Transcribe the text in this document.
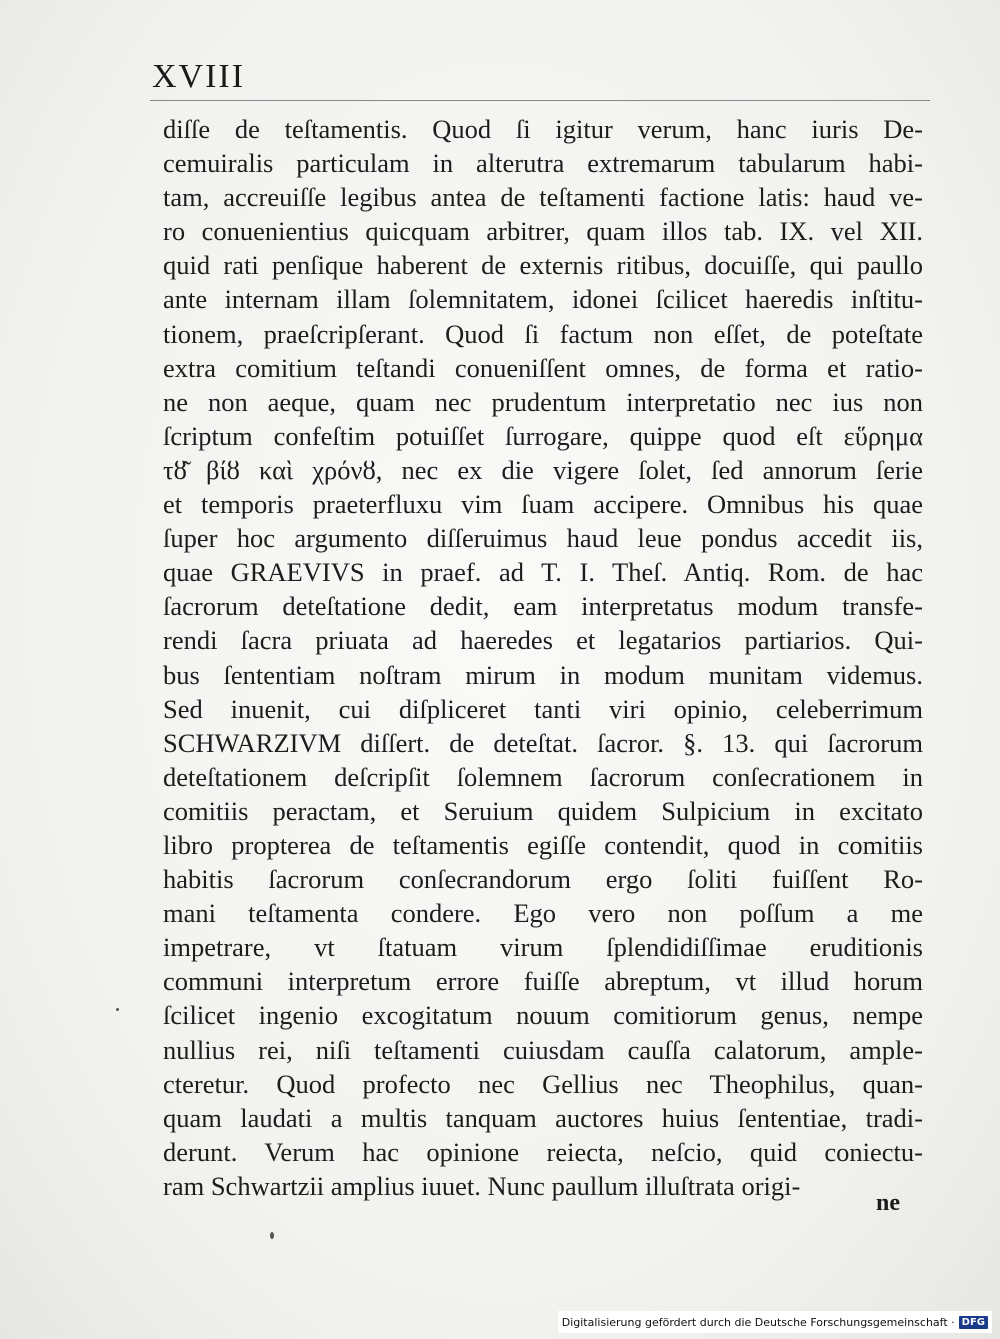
XVIII
diſſe de teſtamentis. Quod ſi igitur verum, hanc iuris De-
cemuiralis particulam in alterutra extremarum tabularum habi-
tam, accreuiſſe legibus antea de teſtamenti factione latis: haud ve-
ro conuenientius quicquam arbitrer, quam illos tab. IX. vel XII.
quid rati penſique haberent de externis ritibus, docuiſſe, qui paullo
ante internam illam ſolemnitatem, idonei ſcilicet haeredis inſtitu-
tionem, praeſcripſerant. Quod ſi factum non eſſet, de poteſtate
extra comitium teſtandi conueniſſent omnes, de forma et ratio-
ne non aeque, quam nec prudentum interpretatio nec ius non
ſcriptum confeſtim potuiſſet ſurrogare, quippe quod eſt εὕρημα
τȣ͂ βίȣ καὶ χρόνȣ, nec ex die vigere ſolet, ſed annorum ſerie
et temporis praeterfluxu vim ſuam accipere. Omnibus his quae
ſuper hoc argumento diſſeruimus haud leue pondus accedit iis,
quae GRAEVIVS in praef. ad T. I. Theſ. Antiq. Rom. de hac
ſacrorum deteſtatione dedit, eam interpretatus modum transfe-
rendi ſacra priuata ad haeredes et legatarios partiarios. Qui-
bus ſententiam noſtram mirum in modum munitam videmus.
Sed inuenit, cui diſpliceret tanti viri opinio, celeberrimum
SCHWARZIVM diſſert. de deteſtat. ſacror. §. 13. qui ſacrorum
deteſtationem deſcripſit ſolemnem ſacrorum conſecrationem in
comitiis peractam, et Seruium quidem Sulpicium in excitato
libro propterea de teſtamentis egiſſe contendit, quod in comitiis
habitis ſacrorum conſecrandorum ergo ſoliti fuiſſent Ro-
mani teſtamenta condere. Ego vero non poſſum a me
impetrare, vt ſtatuam virum ſplendidiſſimae eruditionis
communi interpretum errore fuiſſe abreptum, vt illud horum
ſcilicet ingenio excogitatum nouum comitiorum genus, nempe
nullius rei, niſi teſtamenti cuiusdam cauſſa calatorum, ample-
cteretur. Quod profecto nec Gellius nec Theophilus, quan-
quam laudati a multis tanquam auctores huius ſententiae, tradi-
derunt. Verum hac opinione reiecta, neſcio, quid coniectu-
ram Schwartzii amplius iuuet. Nunc paullum illuſtrata origi-
ne
Digitalisierung gefördert durch die Deutsche Forschungsgemeinschaft · DFG
